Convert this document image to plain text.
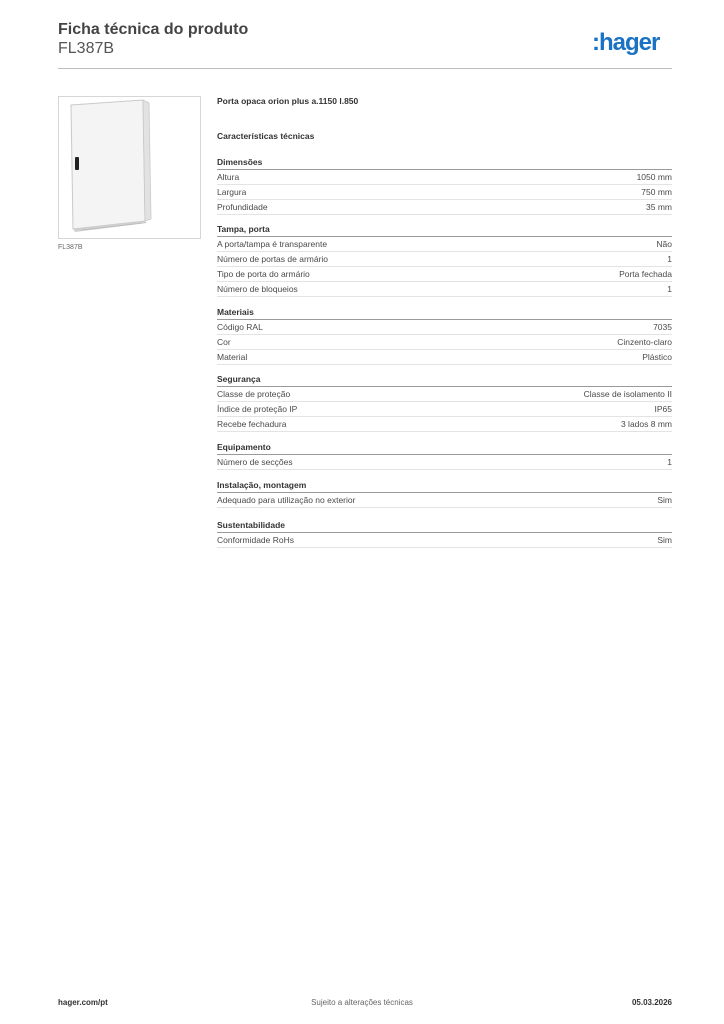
Ficha técnica do produto
FL387B	:hager
FL387B
Porta opaca orion plus a.1150 l.850
Características técnicas
Dimensões
Altura	1050 mm
Largura	750 mm
Profundidade	35 mm
Tampa, porta
A porta/tampa é transparente	Não
Número de portas de armário	1
Tipo de porta do armário	Porta fechada
Número de bloqueios	1
Materiais
Código RAL	7035
Cor	Cinzento-claro
Material	Plástico
Segurança
Classe de proteção	Classe de isolamento II
Índice de proteção IP	IP65
Recebe fechadura	3 lados 8 mm
Equipamento
Número de secções	1
Instalação, montagem
Adequado para utilização no exterior	Sim
Sustentabilidade
Conformidade RoHs	Sim
hager.com/pt	Sujeito a alterações técnicas	05.03.2026
